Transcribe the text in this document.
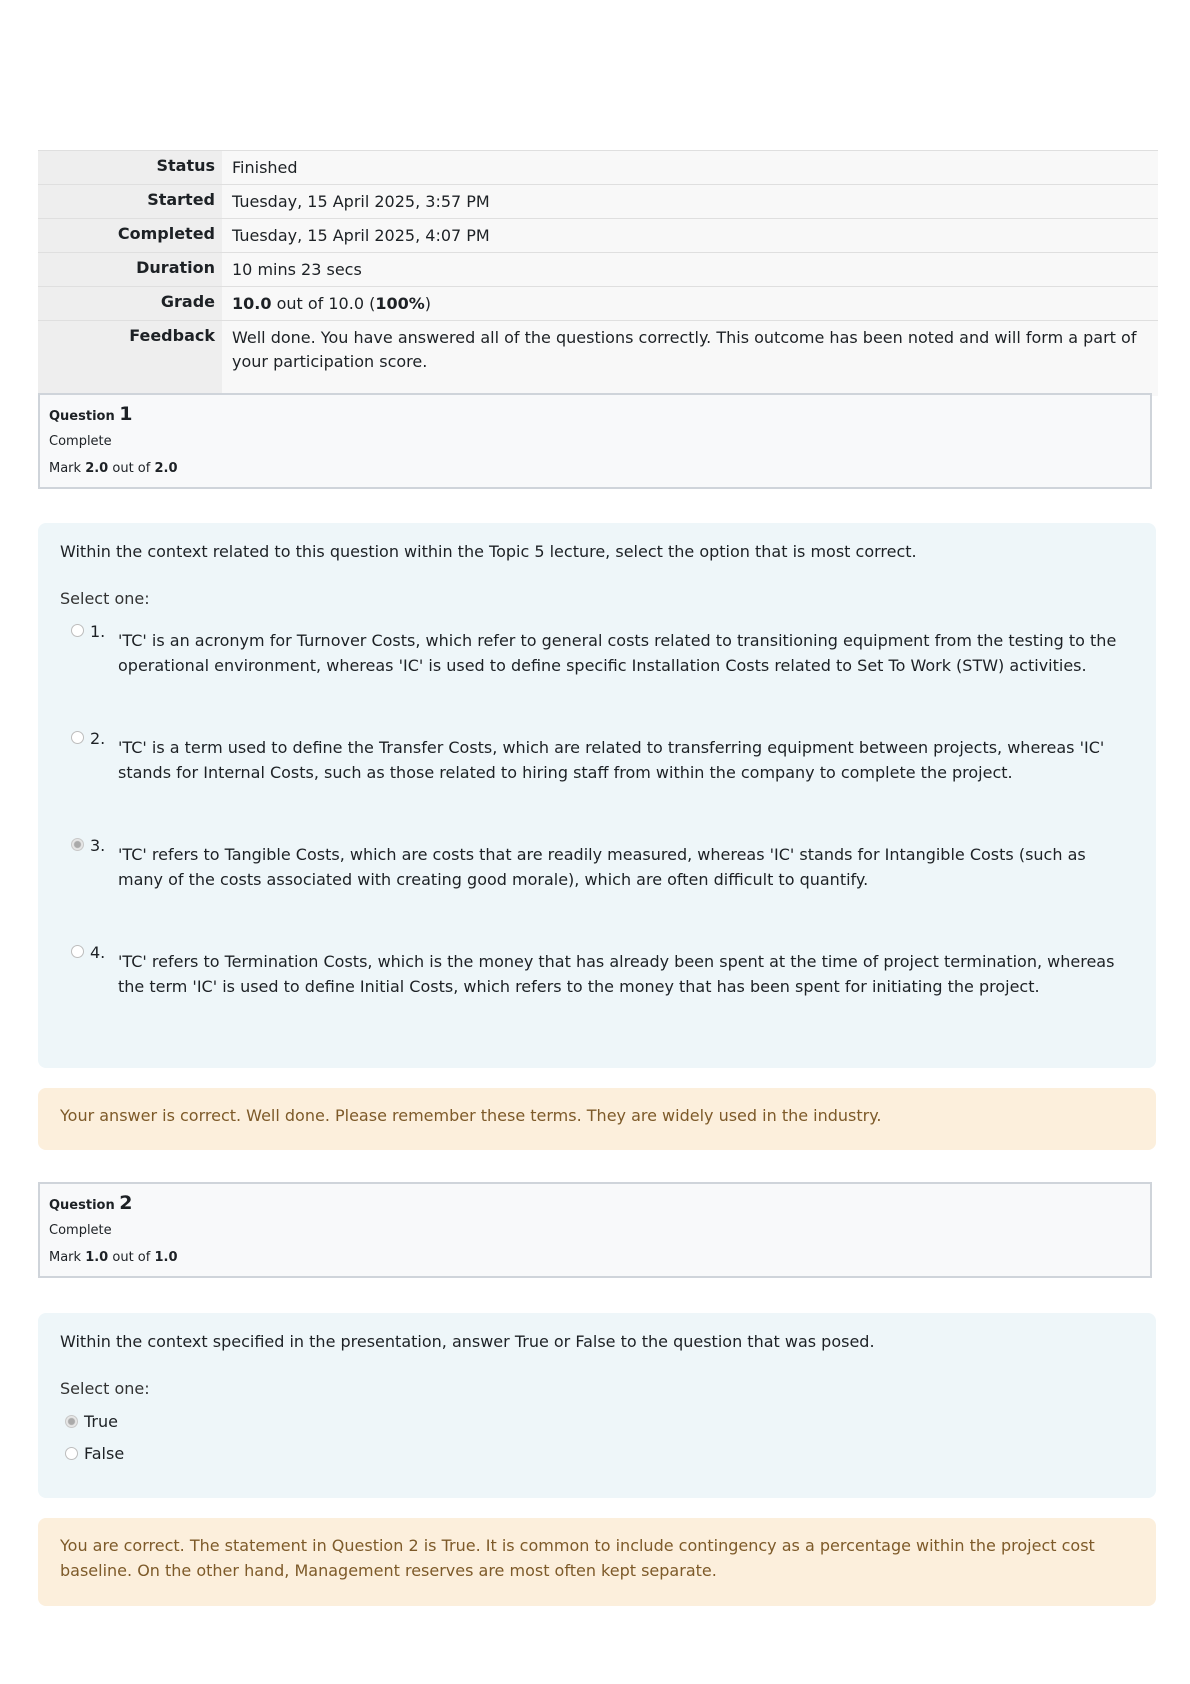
Status	Finished
Started	Tuesday, 15 April 2025, 3:57 PM
Completed	Tuesday, 15 April 2025, 4:07 PM
Duration	10 mins 23 secs
Grade	10.0 out of 10.0 (100%)
Feedback	Well done. You have answered all of the questions correctly. This outcome has been noted and will form a part of your participation score.
Question 1
Complete
Mark 2.0 out of 2.0

Within the context related to this question within the Topic 5 lecture, select the option that is most correct.

Select one:

1. 'TC' is an acronym for Turnover Costs, which refer to general costs related to transitioning equipment from the testing to the operational environment, whereas 'IC' is used to define specific Installation Costs related to Set To Work (STW) activities.
2. 'TC' is a term used to define the Transfer Costs, which are related to transferring equipment between projects, whereas 'IC' stands for Internal Costs, such as those related to hiring staff from within the company to complete the project.
3. 'TC' refers to Tangible Costs, which are costs that are readily measured, whereas 'IC' stands for Intangible Costs (such as many of the costs associated with creating good morale), which are often difficult to quantify.
4. 'TC' refers to Termination Costs, which is the money that has already been spent at the time of project termination, whereas the term 'IC' is used to define Initial Costs, which refers to the money that has been spent for initiating the project.
Your answer is correct. Well done. Please remember these terms. They are widely used in the industry.
Question 2
Complete
Mark 1.0 out of 1.0

Within the context specified in the presentation, answer True or False to the question that was posed.

Select one:

True
False
You are correct. The statement in Question 2 is True. It is common to include contingency as a percentage within the project cost baseline. On the other hand, Management reserves are most often kept separate.
